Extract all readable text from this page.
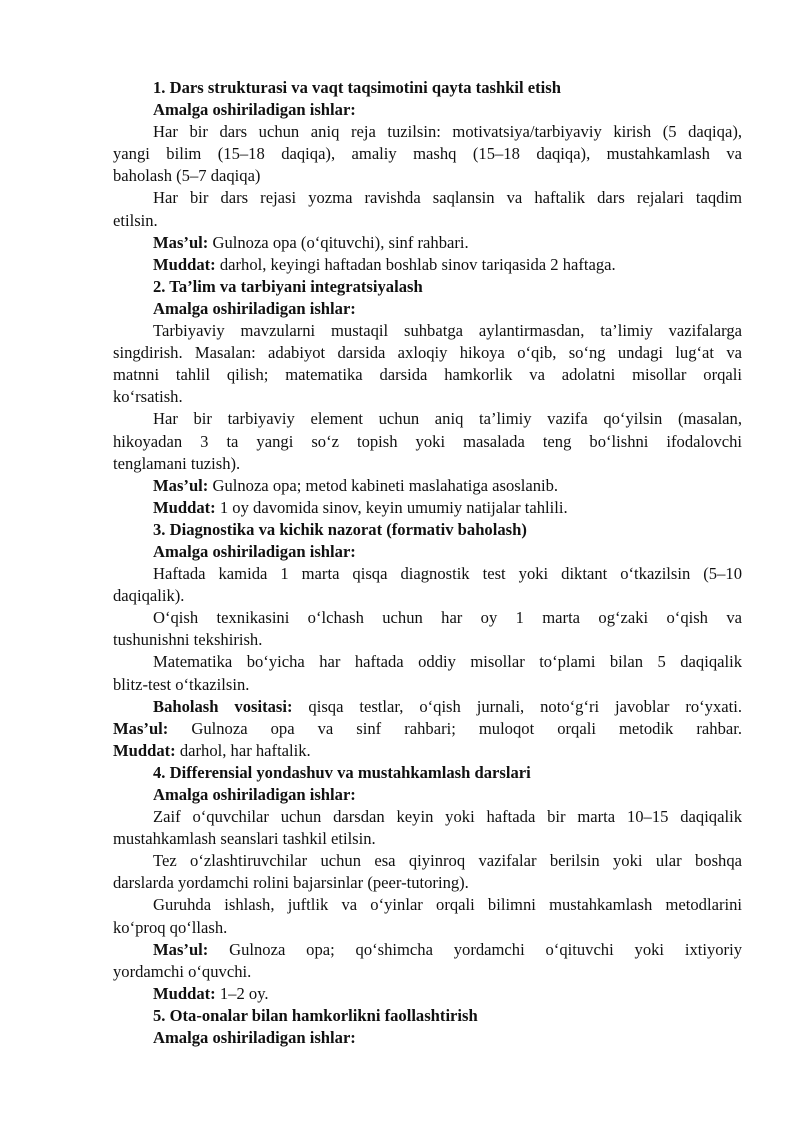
1. Dars strukturasi va vaqt taqsimotini qayta tashkil etish
Amalga oshiriladigan ishlar:
Har bir dars uchun aniq reja tuzilsin: motivatsiya/tarbiyaviy kirish (5 daqiqa),
yangi bilim (15–18 daqiqa), amaliy mashq (15–18 daqiqa), mustahkamlash va
baholash (5–7 daqiqa)
Har bir dars rejasi yozma ravishda saqlansin va haftalik dars rejalari taqdim
etilsin.
Mas’ul: Gulnoza opa (o‘qituvchi), sinf rahbari.
Muddat: darhol, keyingi haftadan boshlab sinov tariqasida 2 haftaga.
2. Ta’lim va tarbiyani integratsiyalash
Amalga oshiriladigan ishlar:
Tarbiyaviy mavzularni mustaqil suhbatga aylantirmasdan, ta’limiy vazifalarga
singdirish. Masalan: adabiyot darsida axloqiy hikoya o‘qib, so‘ng undagi lug‘at va
matnni tahlil qilish; matematika darsida hamkorlik va adolatni misollar orqali
ko‘rsatish.
Har bir tarbiyaviy element uchun aniq ta’limiy vazifa qo‘yilsin (masalan,
hikoyadan 3 ta yangi so‘z topish yoki masalada teng bo‘lishni ifodalovchi
tenglamani tuzish).
Mas’ul: Gulnoza opa; metod kabineti maslahatiga asoslanib.
Muddat: 1 oy davomida sinov, keyin umumiy natijalar tahlili.
3. Diagnostika va kichik nazorat (formativ baholash)
Amalga oshiriladigan ishlar:
Haftada kamida 1 marta qisqa diagnostik test yoki diktant o‘tkazilsin (5–10
daqiqalik).
O‘qish texnikasini o‘lchash uchun har oy 1 marta og‘zaki o‘qish va
tushunishni tekshirish.
Matematika bo‘yicha har haftada oddiy misollar to‘plami bilan 5 daqiqalik
blitz-test o‘tkazilsin.
Baholash vositasi: qisqa testlar, o‘qish jurnali, noto‘g‘ri javoblar ro‘yxati.
Mas’ul: Gulnoza opa va sinf rahbari; muloqot orqali metodik rahbar.
Muddat: darhol, har haftalik.
4. Differensial yondashuv va mustahkamlash darslari
Amalga oshiriladigan ishlar:
Zaif o‘quvchilar uchun darsdan keyin yoki haftada bir marta 10–15 daqiqalik
mustahkamlash seanslari tashkil etilsin.
Tez o‘zlashtiruvchilar uchun esa qiyinroq vazifalar berilsin yoki ular boshqa
darslarda yordamchi rolini bajarsinlar (peer-tutoring).
Guruhda ishlash, juftlik va o‘yinlar orqali bilimni mustahkamlash metodlarini
ko‘proq qo‘llash.
Mas’ul: Gulnoza opa; qo‘shimcha yordamchi o‘qituvchi yoki ixtiyoriy
yordamchi o‘quvchi.
Muddat: 1–2 oy.
5. Ota-onalar bilan hamkorlikni faollashtirish
Amalga oshiriladigan ishlar:
